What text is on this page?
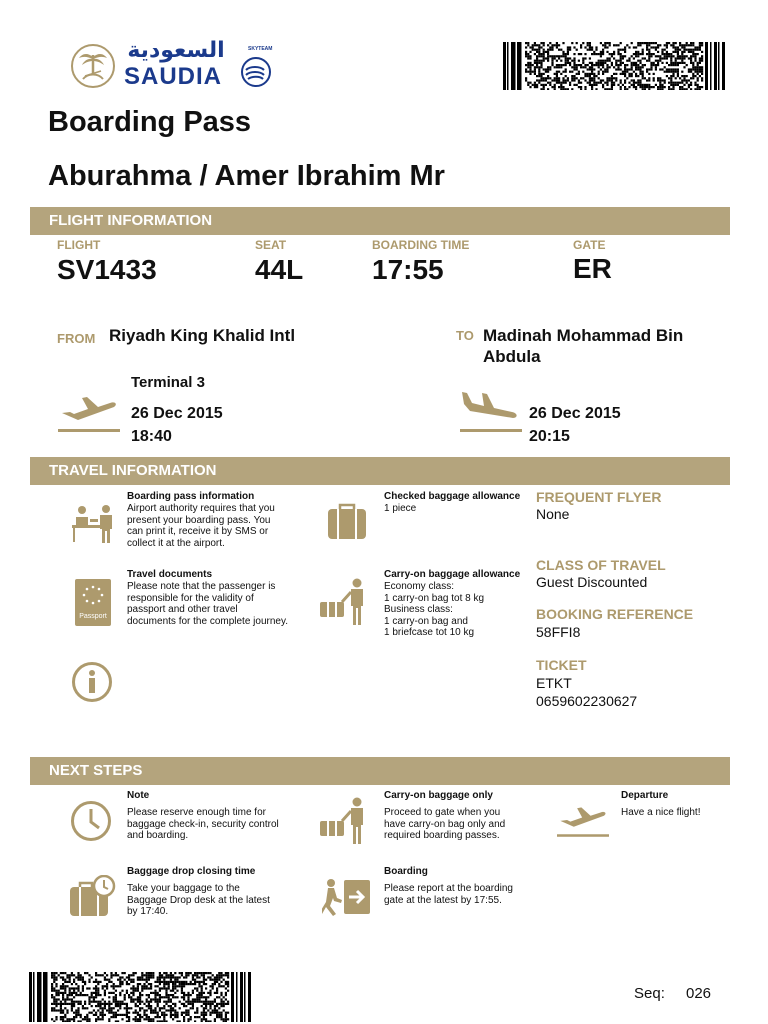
السعودية
SAUDIA
SKYTEAM
Boarding Pass
Aburahma / Amer Ibrahim Mr
FLIGHT INFORMATION
FLIGHT
SV1433
SEAT
44L
BOARDING TIME
17:55
GATE
ER
FROM Riyadh King Khalid Intl	TO Madinah Mohammad Bin Abdula
Terminal 3
26 Dec 2015
18:40
26 Dec 2015
20:15
TRAVEL INFORMATION
Boarding pass information
Airport authority requires that you
present your boarding pass. You
can print it, receive it by SMS or
collect it at the airport.
Passport
Travel documents
Please note that the passenger is
responsible for the validity of
passport and other travel
documents for the complete journey.
Checked baggage allowance
1 piece
Carry-on baggage allowance
Economy class:
1 carry-on bag tot 8 kg
Business class:
1 carry-on bag and
1 briefcase tot 10 kg
FREQUENT FLYER
None
CLASS OF TRAVEL
Guest Discounted
BOOKING REFERENCE
58FFI8
TICKET
ETKT
0659602230627
NEXT STEPS
Note
Please reserve enough time for
baggage check-in, security control
and boarding.
Carry-on baggage only
Proceed to gate when you
have carry-on bag only and
required boarding passes.
Departure
Have a nice flight!
Baggage drop closing time
Take your baggage to the
Baggage Drop desk at the latest
by 17:40.
Boarding
Please report at the boarding
gate at the latest by 17:55.
Seq: 026
